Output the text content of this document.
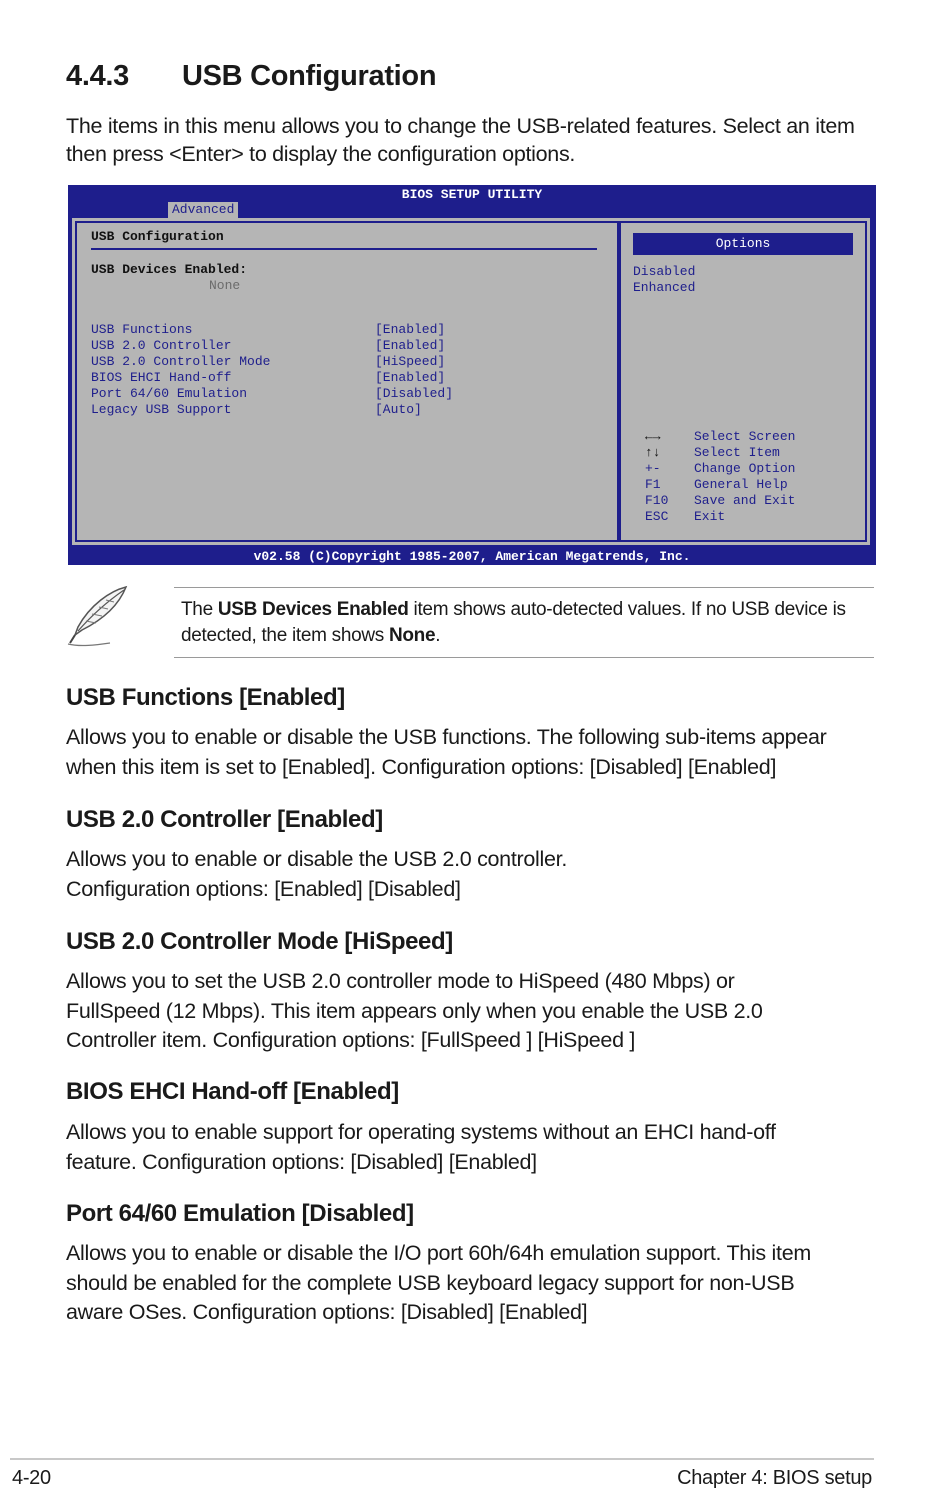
4.4.3 USB Configuration

The items in this menu allows you to change the USB-related features. Select an item then press <Enter> to display the configuration options.

BIOS SETUP UTILITY
Advanced
USB Configuration
USB Devices Enabled:
None
USB Functions	[Enabled]
USB 2.0 Controller	[Enabled]
USB 2.0 Controller Mode	[HiSpeed]
BIOS EHCI Hand-off	[Enabled]
Port 64/60 Emulation	[Disabled]
Legacy USB Support	[Auto]
Options
Disabled
Enhanced
←→	Select Screen
↑↓	Select Item
+-	Change Option
F1	General Help
F10 Save and Exit
ESC Exit
v02.58 (C)Copyright 1985-2007, American Megatrends, Inc.

The USB Devices Enabled item shows auto-detected values. If no USB device is detected, the item shows None.

USB Functions [Enabled]

Allows you to enable or disable the USB functions. The following sub-items appear
when this item is set to [Enabled]. Configuration options: [Disabled] [Enabled]

USB 2.0 Controller [Enabled]

Allows you to enable or disable the USB 2.0 controller.
Configuration options: [Enabled] [Disabled]

USB 2.0 Controller Mode [HiSpeed]

Allows you to set the USB 2.0 controller mode to HiSpeed (480 Mbps) or
FullSpeed (12 Mbps). This item appears only when you enable the USB 2.0
Controller item. Configuration options: [FullSpeed ] [HiSpeed ]

BIOS EHCI Hand-off [Enabled]

Allows you to enable support for operating systems without an EHCI hand-off
feature. Configuration options: [Disabled] [Enabled]

Port 64/60 Emulation [Disabled]

Allows you to enable or disable the I/O port 60h/64h emulation support. This item
should be enabled for the complete USB keyboard legacy support for non-USB
aware OSes. Configuration options: [Disabled] [Enabled]

4-20	Chapter 4: BIOS setup
